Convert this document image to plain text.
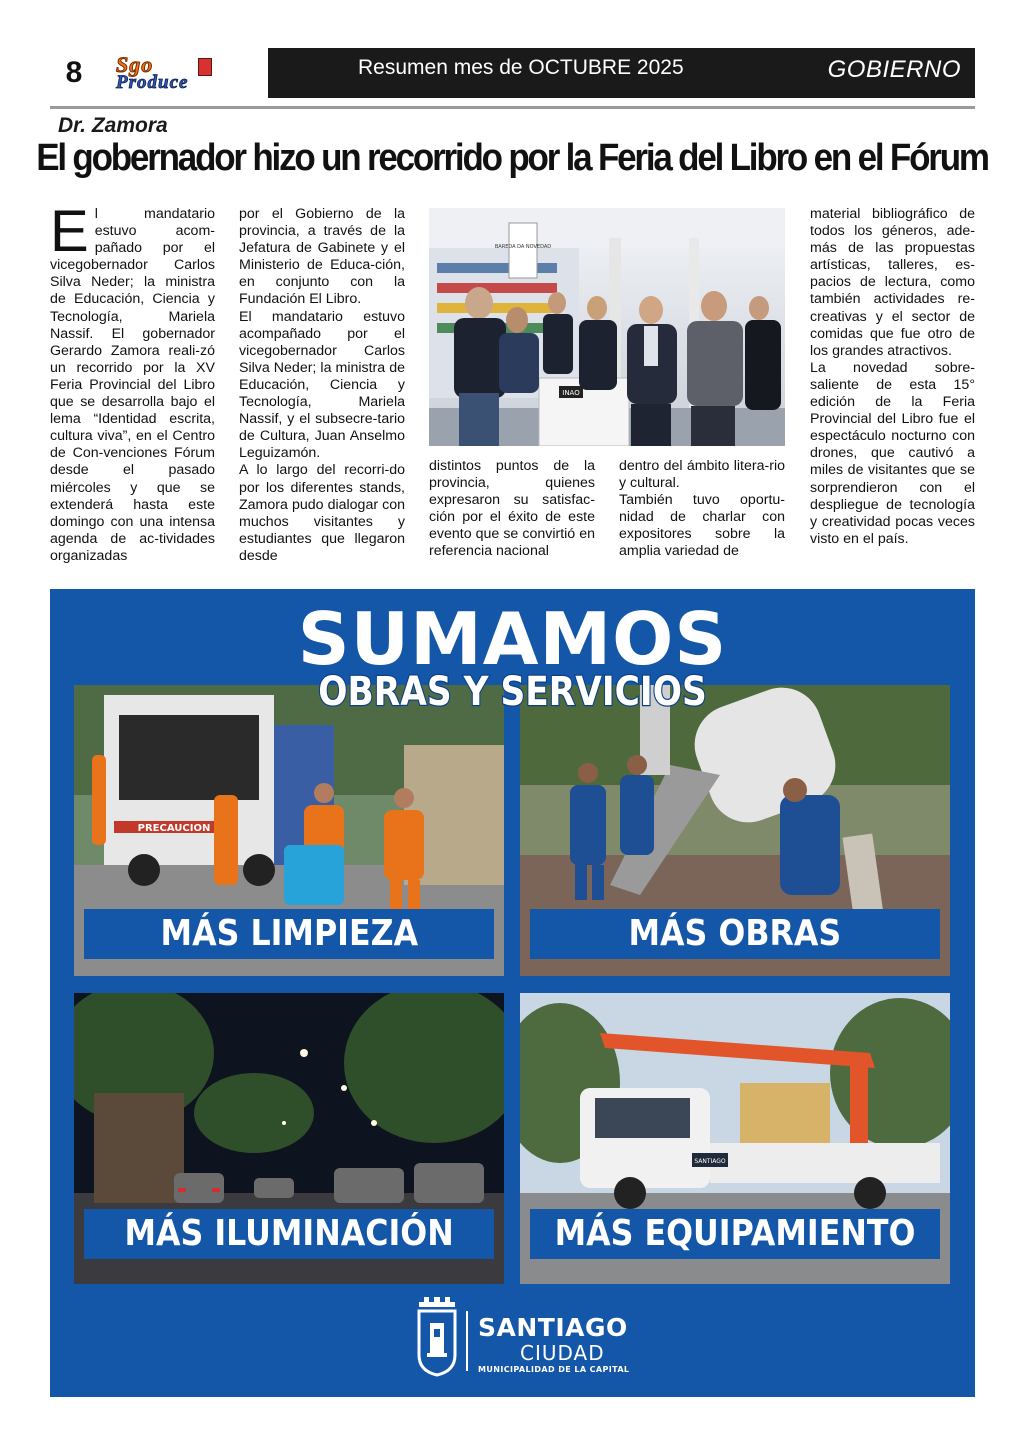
8	Sgo
Produce
Resumen mes de OCTUBRE 2025	GOBIERNO
Dr. Zamora
El gobernador hizo un recorrido por la Feria del Libro en el Fórum

El mandatario estuvo acom-pañado por el vicegobernador Carlos Silva Neder; la ministra de Educación, Ciencia y Tecnología, Mariela Nassif. El gobernador Gerardo Zamora reali-zó un recorrido por la XV Feria Provincial del Libro que se desarrolla bajo el lema “Identidad escrita, cultura viva”, en el Centro de Con-venciones Fórum desde el pasado miércoles y que se extenderá hasta este domingo con una intensa agenda de ac-tividades organizadas

por el Gobierno de la provincia, a través de la Jefatura de Gabinete y el Ministerio de Educa-ción, en conjunto con la Fundación El Libro.

El mandatario estuvo acompañado por el vicegobernador Carlos Silva Neder; la ministra de Educación, Ciencia y Tecnología, Mariela Nassif, y el subsecre-tario de Cultura, Juan Anselmo Leguizamón.

A lo largo del recorri-do por los diferentes stands, Zamora pudo dialogar con muchos visitantes y estudiantes que llegaron desde

distintos puntos de la provincia, quienes expresaron su satisfac-ción por el éxito de este evento que se convirtió en referencia nacional

dentro del ámbito litera-rio y cultural.

También tuvo oportu-nidad de charlar con expositores sobre la amplia variedad de

material bibliográfico de todos los géneros, ade-más de las propuestas artísticas, talleres, es-pacios de lectura, como también actividades re-creativas y el sector de comidas que fue otro de los grandes atractivos.

La novedad sobre-saliente de esta 15° edición de la Feria Provincial del Libro fue el espectáculo nocturno con drones, que cautivó a miles de visitantes que se sorprendieron con el despliegue de tecnología y creatividad pocas veces visto en el país.

BAREDA DA NOVEDAD
INAO
SUMAMOS
PRECAUCION
MÁS LIMPIEZA	MÁS OBRAS
MÁS ILUMINACIÓN
SANTIAGO
MÁS EQUIPAMIENTO
OBRAS Y SERVICIOS
SANTIAGO
CIUDAD
MUNICIPALIDAD DE LA CAPITAL
